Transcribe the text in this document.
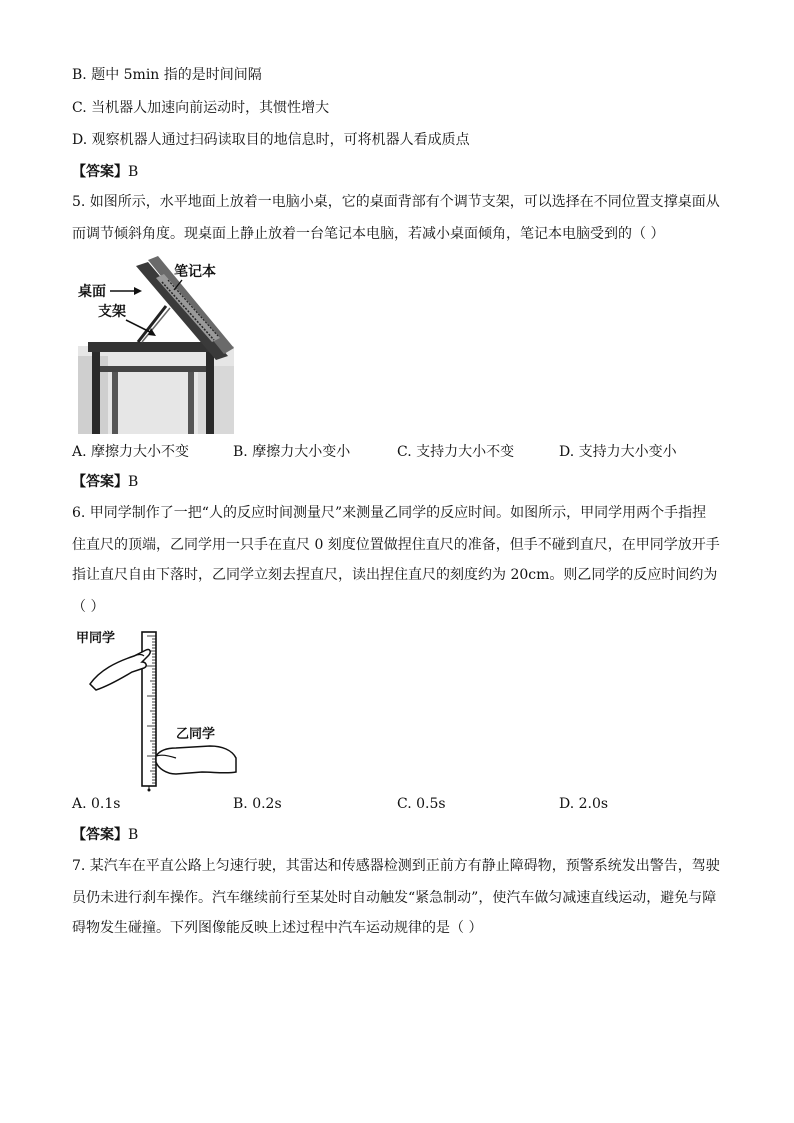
B. 题中 5min 指的是时间间隔
C. 当机器人加速向前运动时，其惯性增大
D. 观察机器人通过扫码读取目的地信息时，可将机器人看成质点
【答案】B
5. 如图所示，水平地面上放着一电脑小桌，它的桌面背部有个调节支架，可以选择在不同位置支撑桌面从
而调节倾斜角度。现桌面上静止放着一台笔记本电脑，若减小桌面倾角，笔记本电脑受到的（ ）
桌面
支架
笔记本
A. 摩擦力大小不变	B. 摩擦力大小变小	C. 支持力大小不变	D. 支持力大小变小
【答案】B
6. 甲同学制作了一把“人的反应时间测量尺”来测量乙同学的反应时间。如图所示，甲同学用两个手指捏
住直尺的顶端，乙同学用一只手在直尺 0 刻度位置做捏住直尺的准备，但手不碰到直尺，在甲同学放开手
指让直尺自由下落时，乙同学立刻去捏直尺，读出捏住直尺的刻度约为 20cm。则乙同学的反应时间约为
（ ）
甲同学
乙同学
A. 0.1s	B. 0.2s	C. 0.5s	D. 2.0s
【答案】B
7. 某汽车在平直公路上匀速行驶，其雷达和传感器检测到正前方有静止障碍物，预警系统发出警告，驾驶
员仍未进行刹车操作。汽车继续前行至某处时自动触发“紧急制动”，使汽车做匀减速直线运动，避免与障
碍物发生碰撞。下列图像能反映上述过程中汽车运动规律的是（ ）
